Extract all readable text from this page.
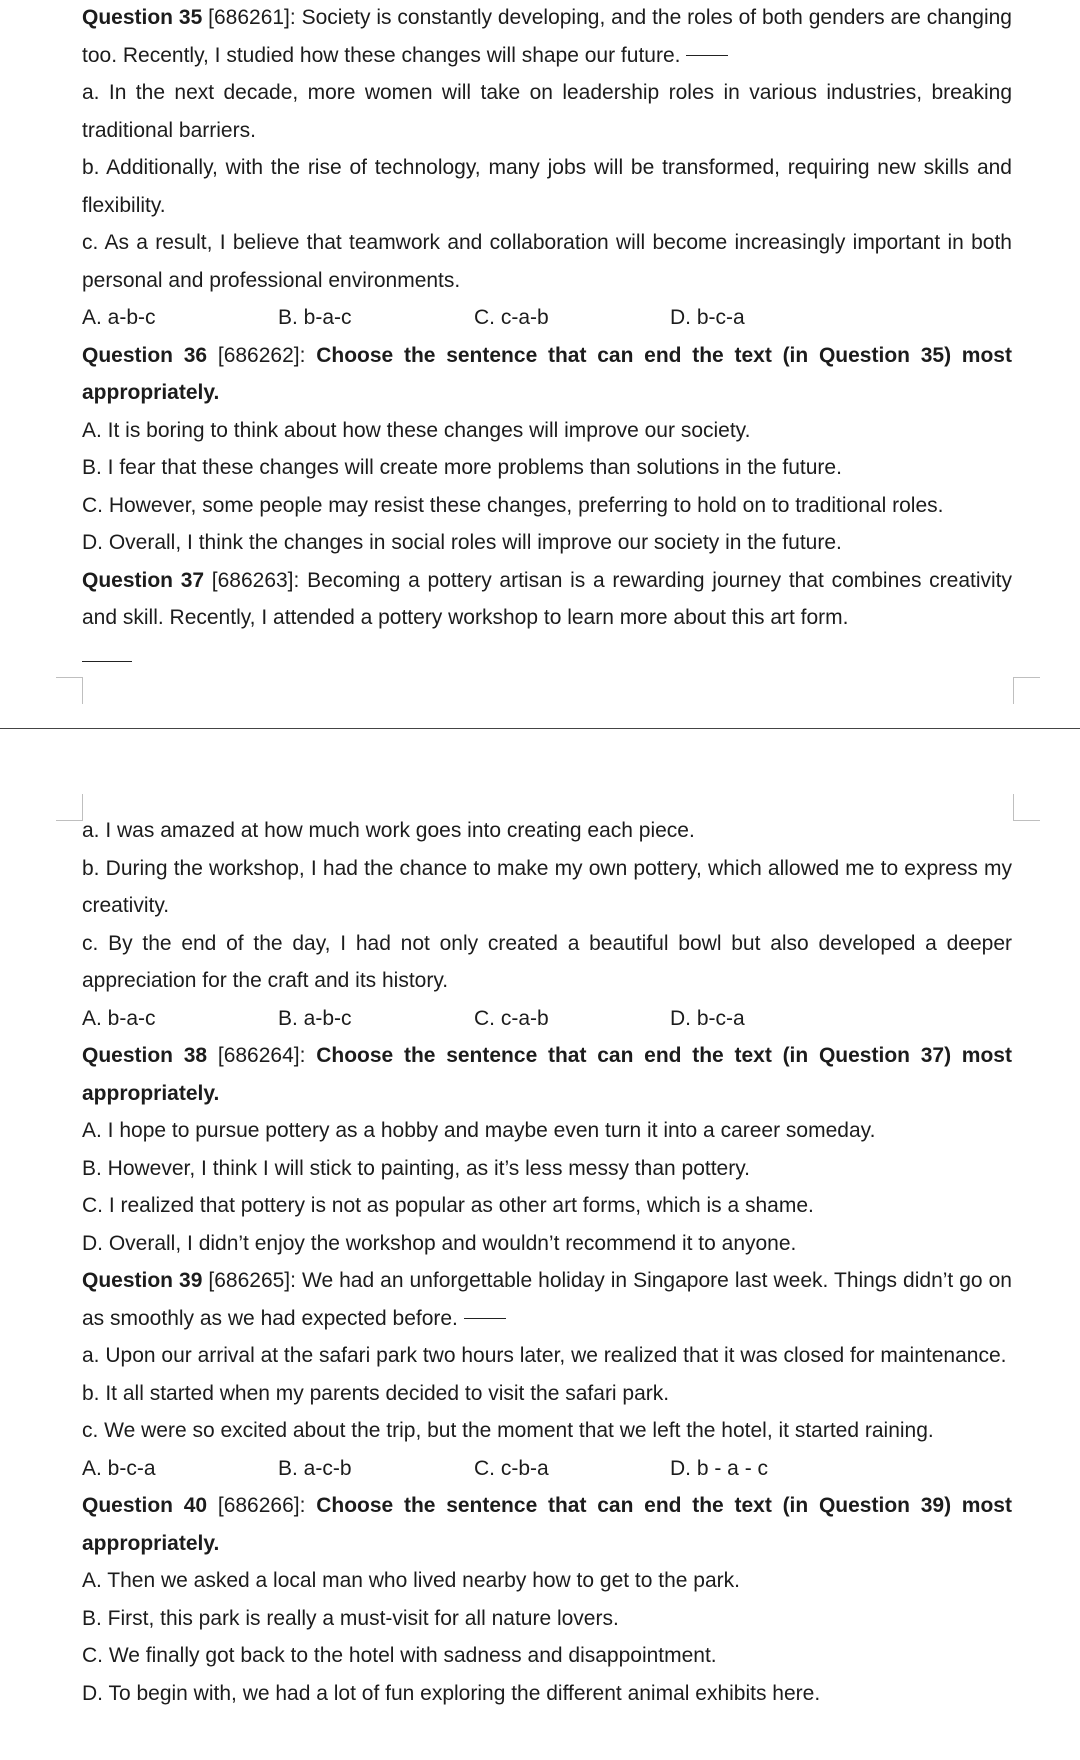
Question 35 [686261]: Society is constantly developing, and the roles of both genders are changing too. Recently, I studied how these changes will shape our future.

a. In the next decade, more women will take on leadership roles in various industries, breaking traditional barriers.

b. Additionally, with the rise of technology, many jobs will be transformed, requiring new skills and flexibility.

c. As a result, I believe that teamwork and collaboration will become increasingly important in both personal and professional environments.

A. a-b-c	B. b-a-c	C. c-a-b	D. b-c-a

Question 36 [686262]: Choose the sentence that can end the text (in Question 35) most appropriately.

A. It is boring to think about how these changes will improve our society.

B. I fear that these changes will create more problems than solutions in the future.

C. However, some people may resist these changes, preferring to hold on to traditional roles.

D. Overall, I think the changes in social roles will improve our society in the future.

Question 37 [686263]: Becoming a pottery artisan is a rewarding journey that combines creativity and skill. Recently, I attended a pottery workshop to learn more about this art form.

a. I was amazed at how much work goes into creating each piece.

b. During the workshop, I had the chance to make my own pottery, which allowed me to express my creativity.

c. By the end of the day, I had not only created a beautiful bowl but also developed a deeper appreciation for the craft and its history.

A. b-a-c	B. a-b-c	C. c-a-b	D. b-c-a

Question 38 [686264]: Choose the sentence that can end the text (in Question 37) most appropriately.

A. I hope to pursue pottery as a hobby and maybe even turn it into a career someday.

B. However, I think I will stick to painting, as it’s less messy than pottery.

C. I realized that pottery is not as popular as other art forms, which is a shame.

D. Overall, I didn’t enjoy the workshop and wouldn’t recommend it to anyone.

Question 39 [686265]: We had an unforgettable holiday in Singapore last week. Things didn’t go on as smoothly as we had expected before.

a. Upon our arrival at the safari park two hours later, we realized that it was closed for maintenance.

b. It all started when my parents decided to visit the safari park.

c. We were so excited about the trip, but the moment that we left the hotel, it started raining.

A. b-c-a	B. a-c-b	C. c-b-a	D. b - a - c

Question 40 [686266]: Choose the sentence that can end the text (in Question 39) most appropriately.

A. Then we asked a local man who lived nearby how to get to the park.

B. First, this park is really a must-visit for all nature lovers.

C. We finally got back to the hotel with sadness and disappointment.

D. To begin with, we had a lot of fun exploring the different animal exhibits here.
